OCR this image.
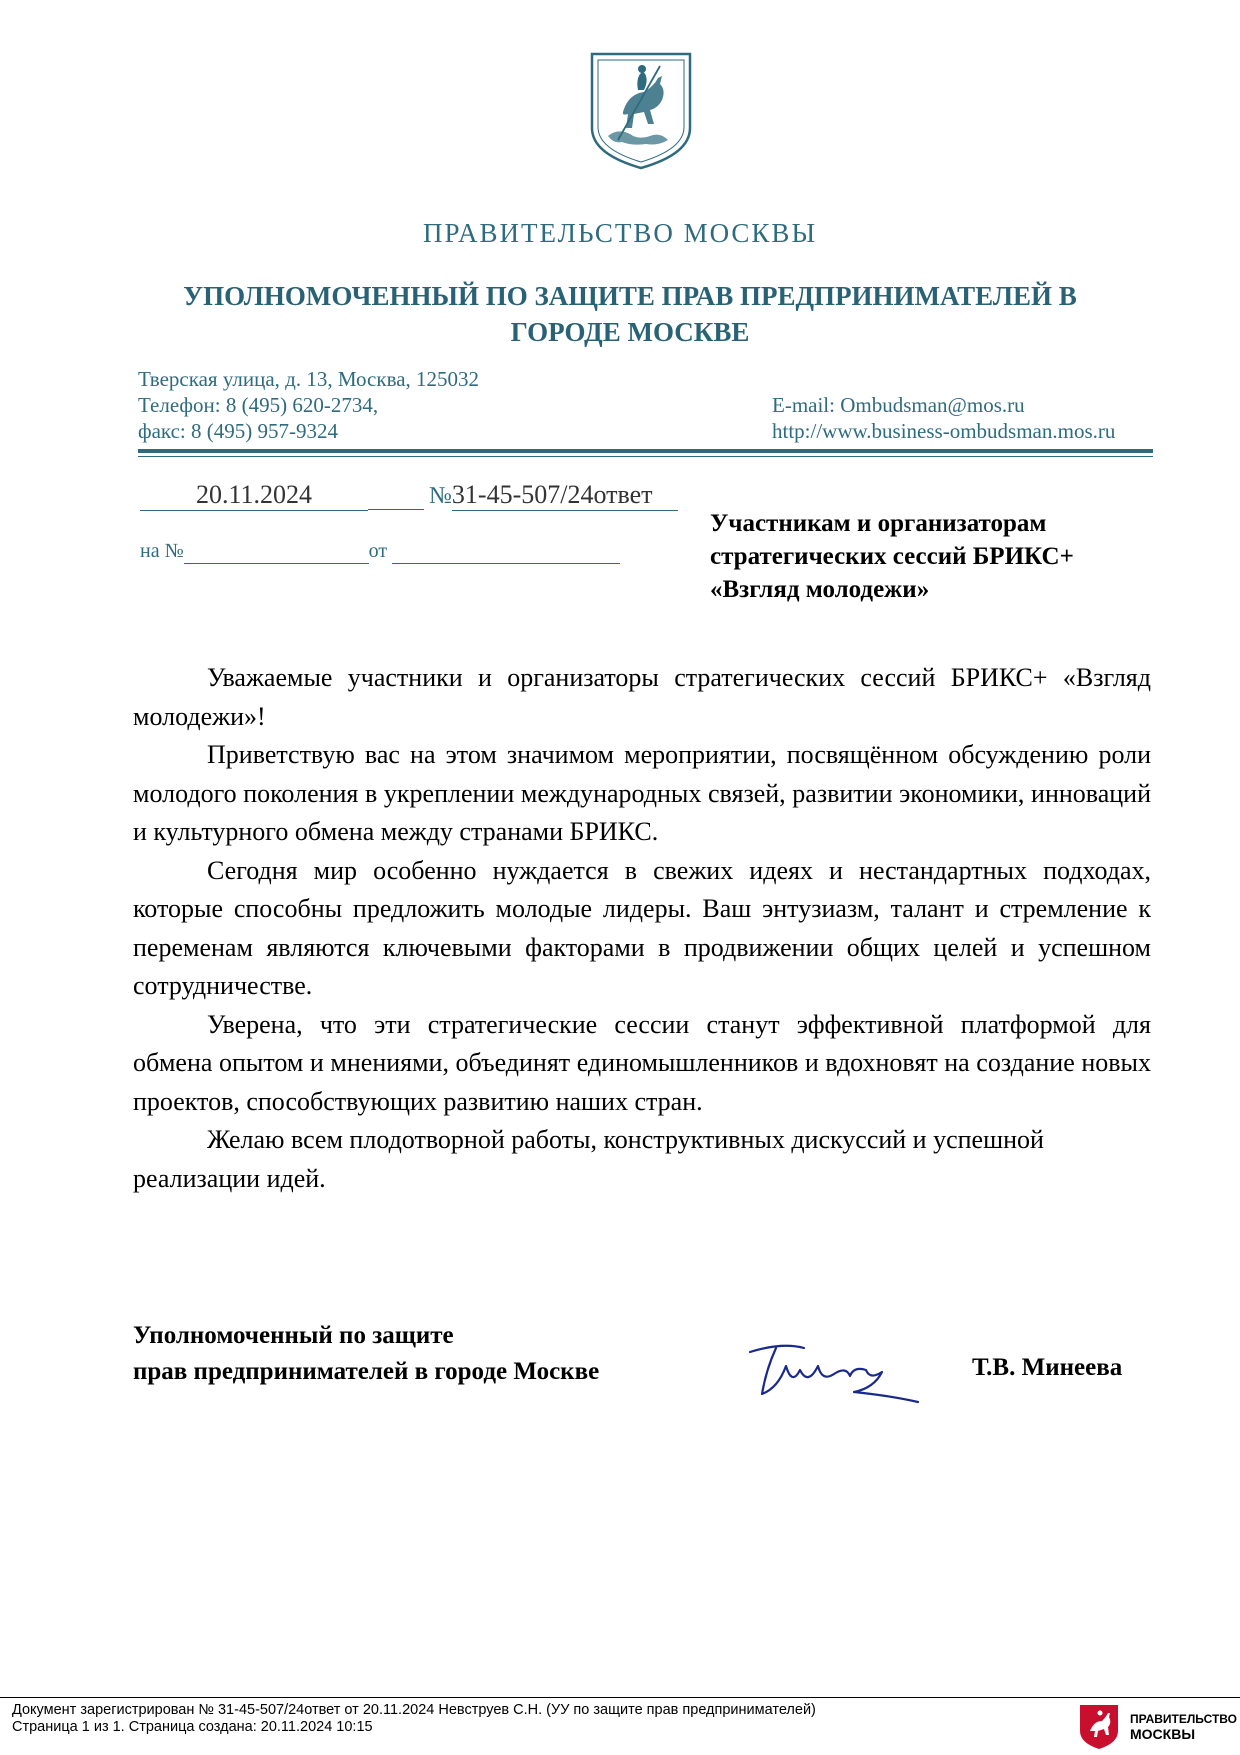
ПРАВИТЕЛЬСТВО МОСКВЫ
УПОЛНОМОЧЕННЫЙ ПО ЗАЩИТЕ ПРАВ ПРЕДПРИНИМАТЕЛЕЙ В ГОРОДЕ МОСКВЕ
Тверская улица, д. 13, Москва, 125032
Телефон: 8 (495) 620-2734,
факс: 8 (495) 957-9324
E-mail: Ombudsman@mos.ru
http://www.business-ombudsman.mos.ru
20.11.2024	№31-45-507/24ответ
на №	от
Участникам и организаторам
стратегических сессий БРИКС+
«Взгляд молодежи»

Уважаемые участники и организаторы стратегических сессий БРИКС+ «Взгляд молодежи»!

Приветствую вас на этом значимом мероприятии, посвящённом обсуждению роли молодого поколения в укреплении международных связей, развитии экономики, инноваций и культурного обмена между странами БРИКС.

Сегодня мир особенно нуждается в свежих идеях и нестандартных подходах, которые способны предложить молодые лидеры. Ваш энтузиазм, талант и стремление к переменам являются ключевыми факторами в продвижении общих целей и успешном сотрудничестве.

Уверена, что эти стратегические сессии станут эффективной платформой для обмена опытом и мнениями, объединят единомышленников и вдохновят на создание новых проектов, способствующих развитию наших стран.

Желаю всем плодотворной работы, конструктивных дискуссий и успешной реализации идей.

Уполномоченный по защите
прав предпринимателей в городе Москве	Т.В. Минеева
Документ зарегистрирован № 31-45-507/24ответ от 20.11.2024 Невструев С.Н. (УУ по защите прав предпринимателей)
Страница 1 из 1. Страница создана: 20.11.2024 10:15	ПРАВИТЕЛЬСТВО
МОСКВЫ
